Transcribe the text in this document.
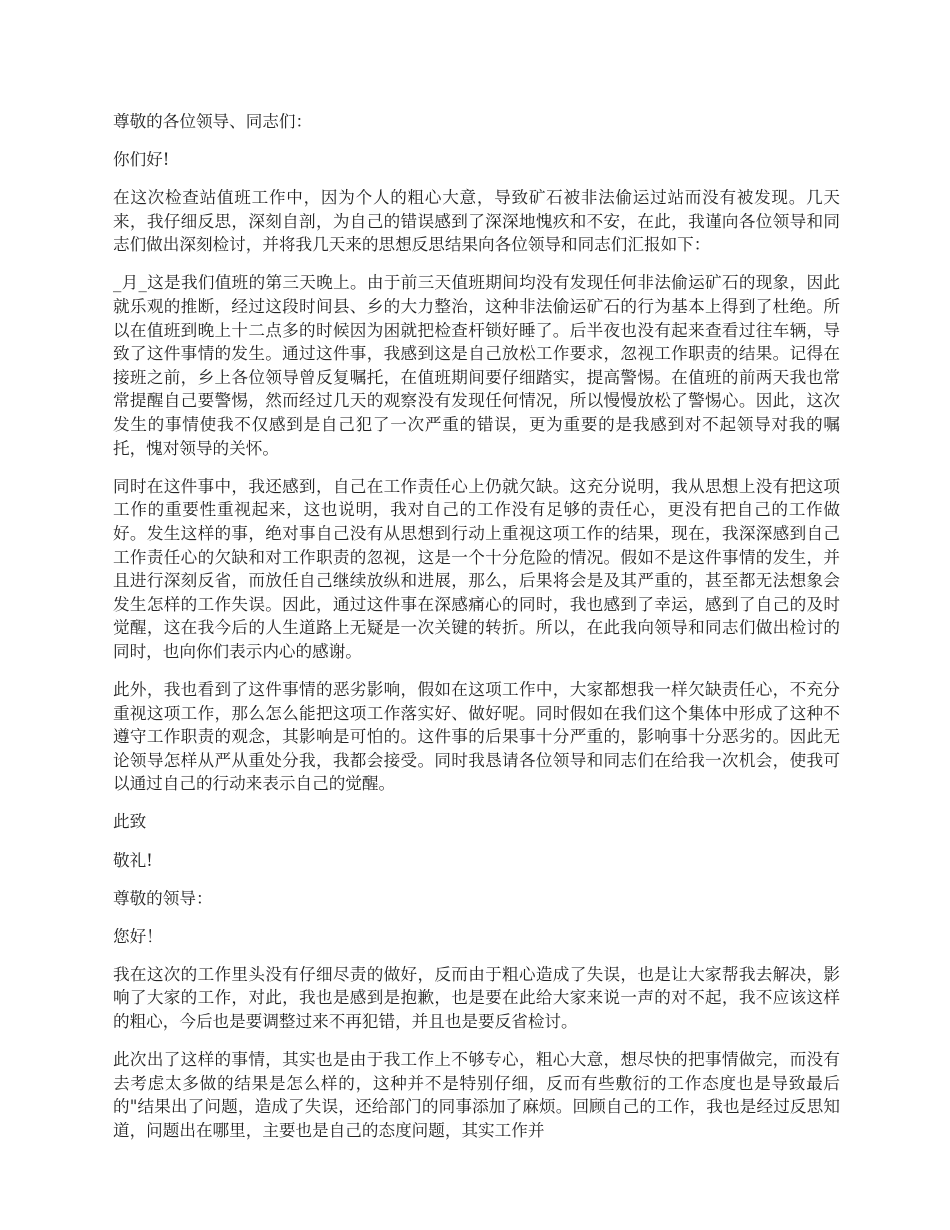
尊敬的各位领导、同志们：

你们好!

在这次检查站值班工作中，因为个人的粗心大意，导致矿石被非法偷运过站而没有被发现。几天来，我仔细反思，深刻自剖，为自己的错误感到了深深地愧疚和不安，在此，我谨向各位领导和同志们做出深刻检讨，并将我几天来的思想反思结果向各位领导和同志们汇报如下：

_月_这是我们值班的第三天晚上。由于前三天值班期间均没有发现任何非法偷运矿石的现象，因此就乐观的推断，经过这段时间县、乡的大力整治，这种非法偷运矿石的行为基本上得到了杜绝。所以在值班到晚上十二点多的时候因为困就把检查杆锁好睡了。后半夜也没有起来查看过往车辆，导致了这件事情的发生。通过这件事，我感到这是自己放松工作要求，忽视工作职责的结果。记得在接班之前，乡上各位领导曾反复嘱托，在值班期间要仔细踏实，提高警惕。在值班的前两天我也常常提醒自己要警惕，然而经过几天的观察没有发现任何情况，所以慢慢放松了警惕心。因此，这次发生的事情使我不仅感到是自己犯了一次严重的错误，更为重要的是我感到对不起领导对我的嘱托，愧对领导的关怀。

同时在这件事中，我还感到，自己在工作责任心上仍就欠缺。这充分说明，我从思想上没有把这项工作的重要性重视起来，这也说明，我对自己的工作没有足够的责任心，更没有把自己的工作做好。发生这样的事，绝对事自己没有从思想到行动上重视这项工作的结果，现在，我深深感到自己工作责任心的欠缺和对工作职责的忽视，这是一个十分危险的情况。假如不是这件事情的发生，并且进行深刻反省，而放任自己继续放纵和进展，那么，后果将会是及其严重的，甚至都无法想象会发生怎样的工作失误。因此，通过这件事在深感痛心的同时，我也感到了幸运，感到了自己的及时觉醒，这在我今后的人生道路上无疑是一次关键的转折。所以，在此我向领导和同志们做出检讨的同时，也向你们表示内心的感谢。

此外，我也看到了这件事情的恶劣影响，假如在这项工作中，大家都想我一样欠缺责任心，不充分重视这项工作，那么怎么能把这项工作落实好、做好呢。同时假如在我们这个集体中形成了这种不遵守工作职责的观念，其影响是可怕的。这件事的后果事十分严重的，影响事十分恶劣的。因此无论领导怎样从严从重处分我，我都会接受。同时我恳请各位领导和同志们在给我一次机会，使我可以通过自己的行动来表示自己的觉醒。

此致

敬礼!

尊敬的领导：

您好！

我在这次的工作里头没有仔细尽责的做好，反而由于粗心造成了失误，也是让大家帮我去解决，影响了大家的工作，对此，我也是感到是抱歉，也是要在此给大家来说一声的对不起，我不应该这样的粗心，今后也是要调整过来不再犯错，并且也是要反省检讨。

此次出了这样的事情，其实也是由于我工作上不够专心，粗心大意，想尽快的把事情做完，而没有去考虑太多做的结果是怎么样的，这种并不是特别仔细，反而有些敷衍的工作态度也是导致最后的"结果出了问题，造成了失误，还给部门的同事添加了麻烦。回顾自己的工作，我也是经过反思知道，问题出在哪里，主要也是自己的态度问题，其实工作并
